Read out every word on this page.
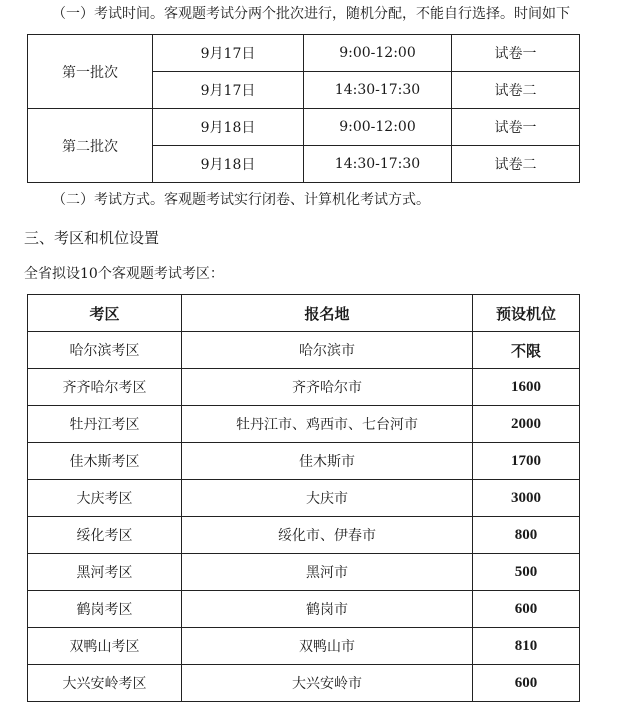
（一）考试时间。客观题考试分两个批次进行，随机分配，不能自行选择。时间如下
第一批次	9月17日	9:00-12:00	试卷一
	9月17日	14:30-17:30	试卷二
第二批次	9月18日	9:00-12:00	试卷一
	9月18日	14:30-17:30	试卷二
（二）考试方式。客观题考试实行闭卷、计算机化考试方式。
三、考区和机位设置
全省拟设10个客观题考试考区：
考区	报名地	预设机位
哈尔滨考区	哈尔滨市	不限
齐齐哈尔考区	齐齐哈尔市	1600
牡丹江考区	牡丹江市、鸡西市、七台河市	2000
佳木斯考区	佳木斯市	1700
大庆考区	大庆市	3000
绥化考区	绥化市、伊春市	800
黑河考区	黑河市	500
鹤岗考区	鹤岗市	600
双鸭山考区	双鸭山市	810
大兴安岭考区	大兴安岭市	600
